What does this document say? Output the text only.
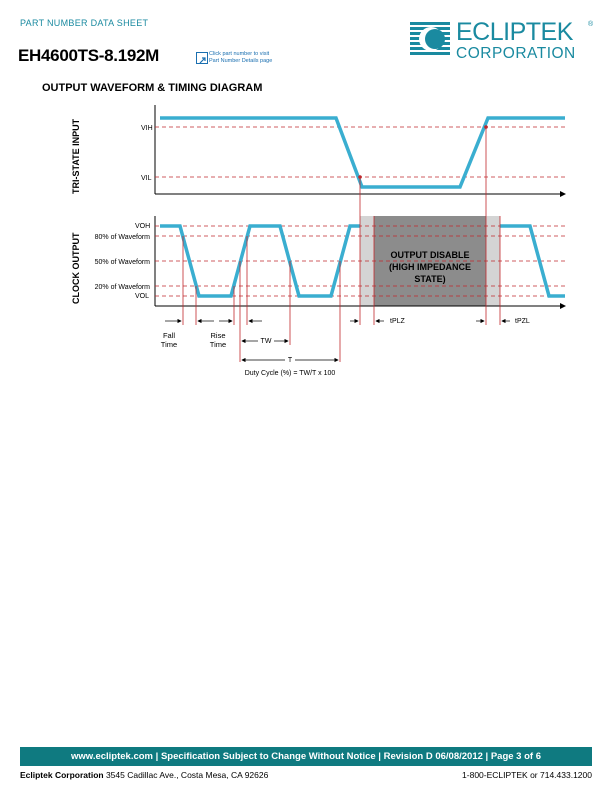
PART NUMBER DATA SHEET
EH4600TS-8.192M	Click part number to visit
Part Number Details page
ECLIPTEK ®
CORPORATION
OUTPUT WAVEFORM & TIMING DIAGRAM
VIH
VIL
TRI-STATE INPUT
OUTPUT DISABLE
(HIGH IMPEDANCE
STATE)
VOH
80% of Waveform
50% of Waveform
20% of Waveform
VOL
CLOCK OUTPUT
Fall
Time
Rise
Time	TW
T
Duty Cycle (%) = TW/T x 100
tPLZ	tPZL
www.ecliptek.com | Specification Subject to Change Without Notice | Revision D 06/08/2012 | Page 3 of 6
Ecliptek Corporation 3545 Cadillac Ave., Costa Mesa, CA 92626	1-800-ECLIPTEK or 714.433.1200
